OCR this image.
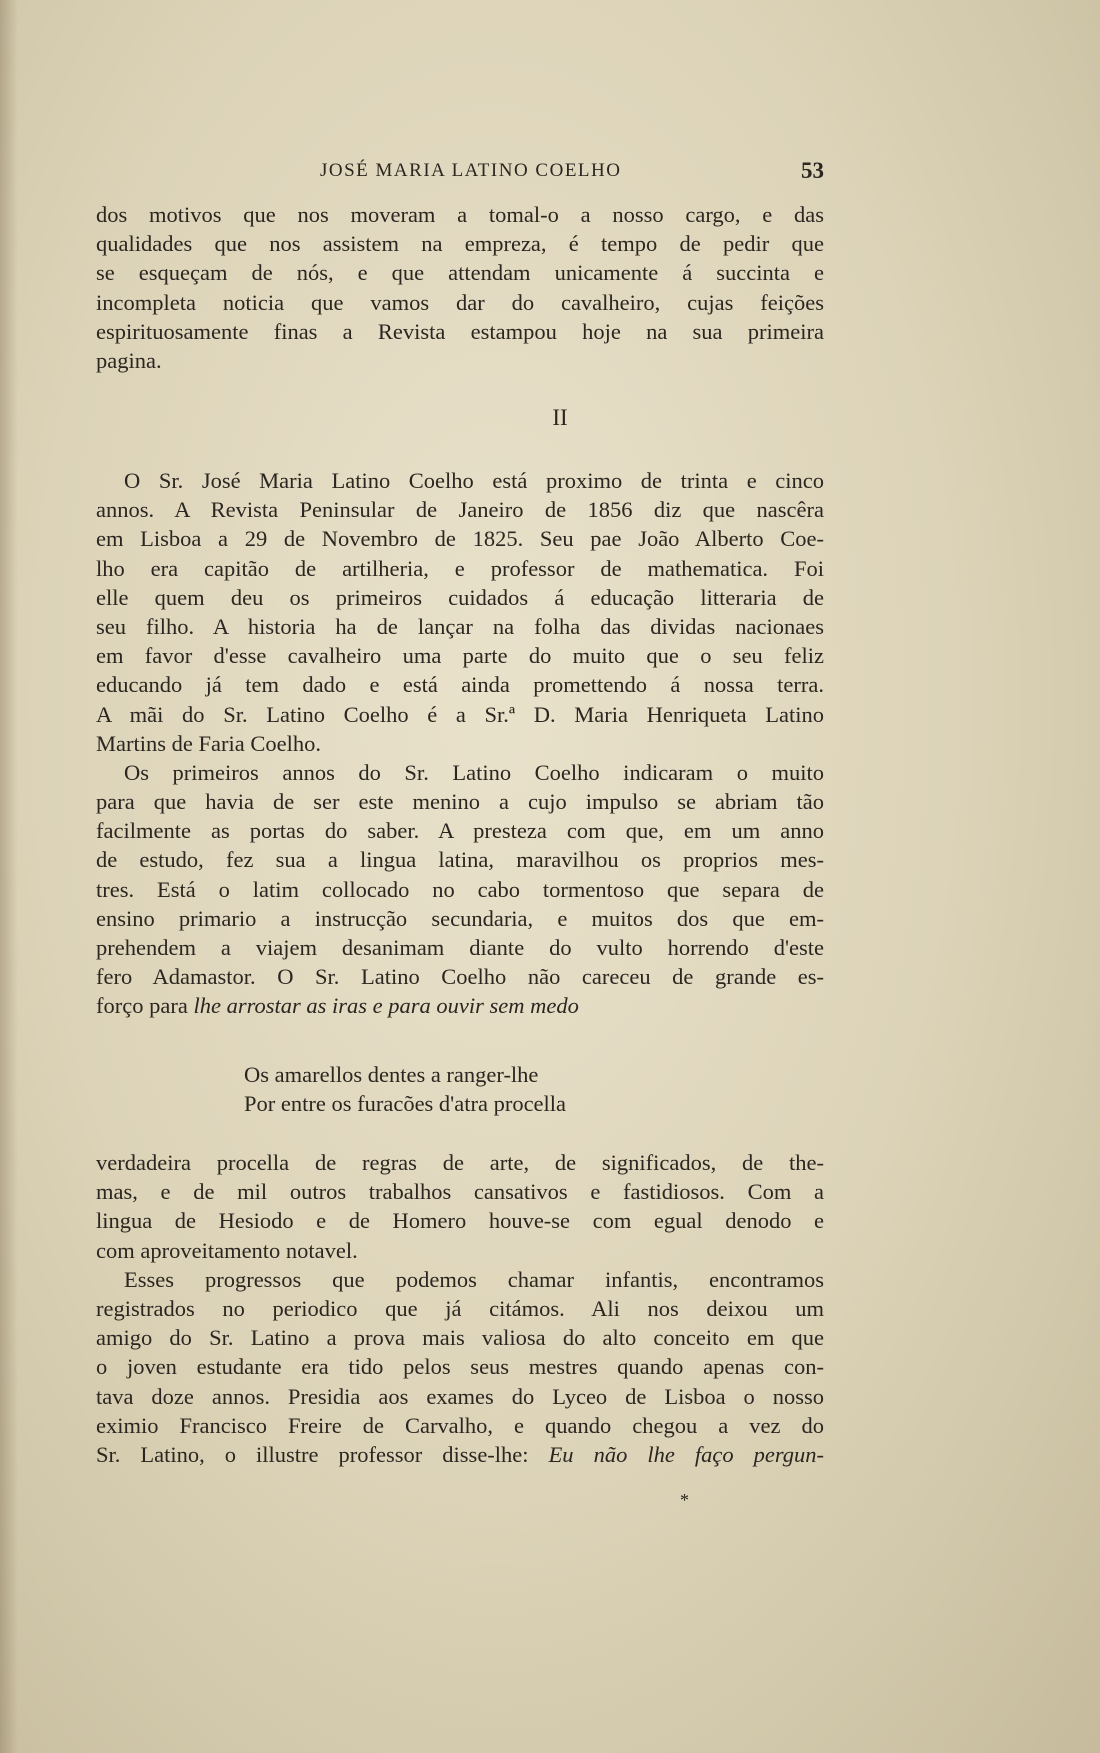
JOSÉ MARIA LATINO COELHO	53
dos motivos que nos moveram a tomal-o a nosso cargo, e das
qualidades que nos assistem na empreza, é tempo de pedir que
se esqueçam de nós, e que attendam unicamente á succinta e
incompleta noticia que vamos dar do cavalheiro, cujas feições
espirituosamente finas a Revista estampou hoje na sua primeira
pagina.
II
O Sr. José Maria Latino Coelho está proximo de trinta e cinco
annos. A Revista Peninsular de Janeiro de 1856 diz que nascêra
em Lisboa a 29 de Novembro de 1825. Seu pae João Alberto Coe-
lho era capitão de artilheria, e professor de mathematica. Foi
elle quem deu os primeiros cuidados á educação litteraria de
seu filho. A historia ha de lançar na folha das dividas nacionaes
em favor d'esse cavalheiro uma parte do muito que o seu feliz
educando já tem dado e está ainda promettendo á nossa terra.
A mãi do Sr. Latino Coelho é a Sr.ª D. Maria Henriqueta Latino
Martins de Faria Coelho.
Os primeiros annos do Sr. Latino Coelho indicaram o muito
para que havia de ser este menino a cujo impulso se abriam tão
facilmente as portas do saber. A presteza com que, em um anno
de estudo, fez sua a lingua latina, maravilhou os proprios mes-
tres. Está o latim collocado no cabo tormentoso que separa de
ensino primario a instrucção secundaria, e muitos dos que em-
prehendem a viajem desanimam diante do vulto horrendo d'este
fero Adamastor. O Sr. Latino Coelho não careceu de grande es-
forço para lhe arrostar as iras e para ouvir sem medo
Os amarellos dentes a ranger-lhe
Por entre os furacões d'atra procella
verdadeira procella de regras de arte, de significados, de the-
mas, e de mil outros trabalhos cansativos e fastidiosos. Com a
lingua de Hesiodo e de Homero houve-se com egual denodo e
com aproveitamento notavel.
Esses progressos que podemos chamar infantis, encontramos
registrados no periodico que já citámos. Ali nos deixou um
amigo do Sr. Latino a prova mais valiosa do alto conceito em que
o joven estudante era tido pelos seus mestres quando apenas con-
tava doze annos. Presidia aos exames do Lyceo de Lisboa o nosso
eximio Francisco Freire de Carvalho, e quando chegou a vez do
Sr. Latino, o illustre professor disse-lhe: Eu não lhe faço pergun-
*
